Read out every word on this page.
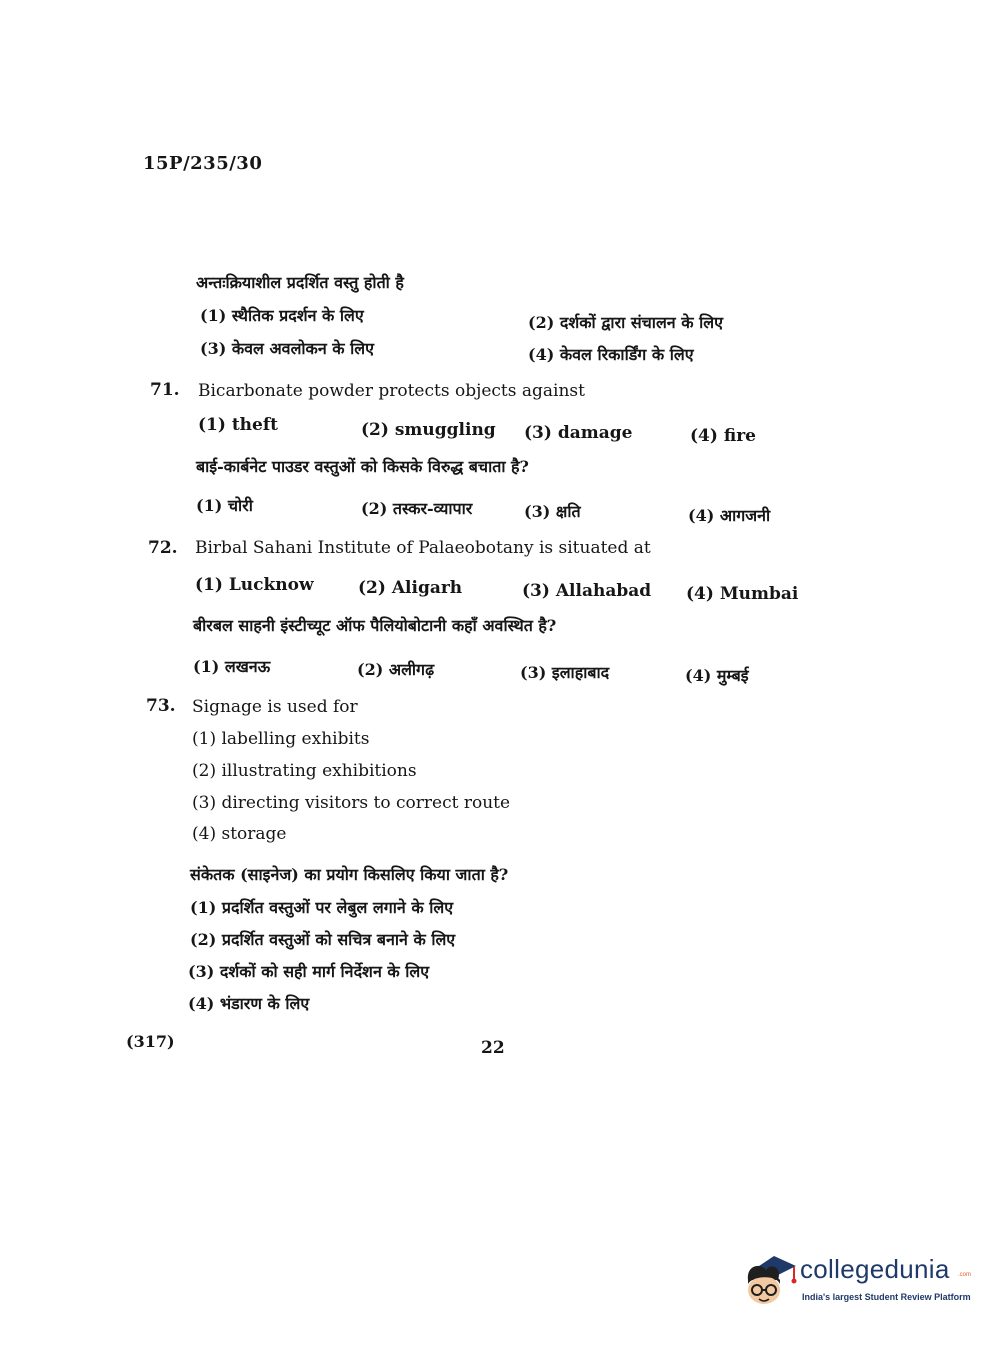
15P/235/30
अन्तःक्रियाशील प्रदर्शित वस्तु होती है
(1) स्थैतिक प्रदर्शन के लिए	(2) दर्शकों द्वारा संचालन के लिए
(3) केवल अवलोकन के लिए	(4) केवल रिकार्डिंग के लिए
71. Bicarbonate powder protects objects against
(1) theft	(2) smuggling (3) damage	(4) fire
बाई-कार्बनेट पाउडर वस्तुओं को किसके विरुद्ध बचाता है?
(1) चोरी	(2) तस्कर-व्यापार	(3) क्षति	(4) आगजनी
72. Birbal Sahani Institute of Palaeobotany is situated at
(1) Lucknow	(2) Aligarh	(3) Allahabad (4) Mumbai
बीरबल साहनी इंस्टीच्यूट ऑफ पैलियोबोटानी कहाँ अवस्थित है?
(1) लखनऊ	(2) अलीगढ़	(3) इलाहाबाद	(4) मुम्बई
73. Signage is used for
(1) labelling exhibits
(2) illustrating exhibitions
(3) directing visitors to correct route
(4) storage
संकेतक (साइनेज) का प्रयोग किसलिए किया जाता है?
(1) प्रदर्शित वस्तुओं पर लेबुल लगाने के लिए
(2) प्रदर्शित वस्तुओं को सचित्र बनाने के लिए
(3) दर्शकों को सही मार्ग निर्देशन के लिए
(4) भंडारण के लिए
(317)	22
collegedunia .com
India's largest Student Review Platform
